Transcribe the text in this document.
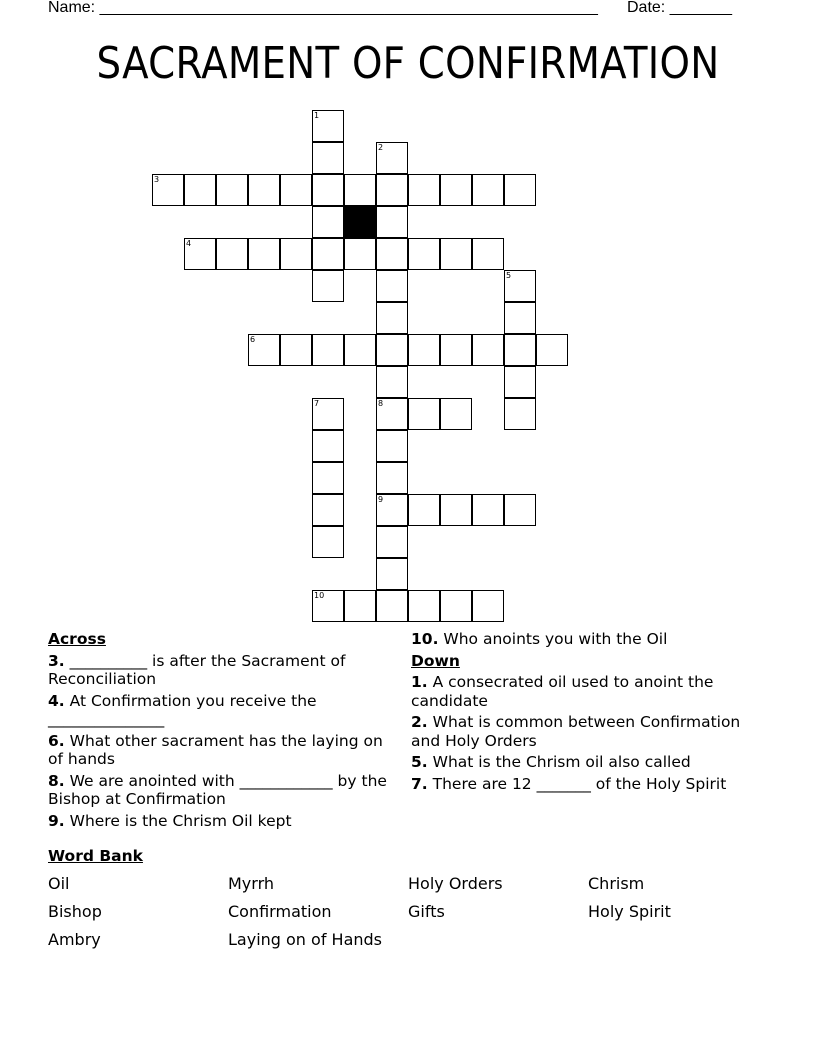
Name: ________________________________________________________ Date: _______
SACRAMENT OF CONFIRMATION
1
2
8
9
3
4
5
6
7
10
Across
3. __________ is after the Sacrament of Reconciliation
4. At Confirmation you receive the _______________
6. What other sacrament has the laying on of hands
8. We are anointed with ____________ by the Bishop at Confirmation
9. Where is the Chrism Oil kept
10. Who anoints you with the Oil
Down
1. A consecrated oil used to anoint the candidate
2. What is common between Confirmation and Holy Orders
5. What is the Chrism oil also called
7. There are 12 _______ of the Holy Spirit
Word Bank
Oil	Myrrh	Holy Orders	Chrism
Bishop	Confirmation	Gifts	Holy Spirit
Ambry	Laying on of Hands
